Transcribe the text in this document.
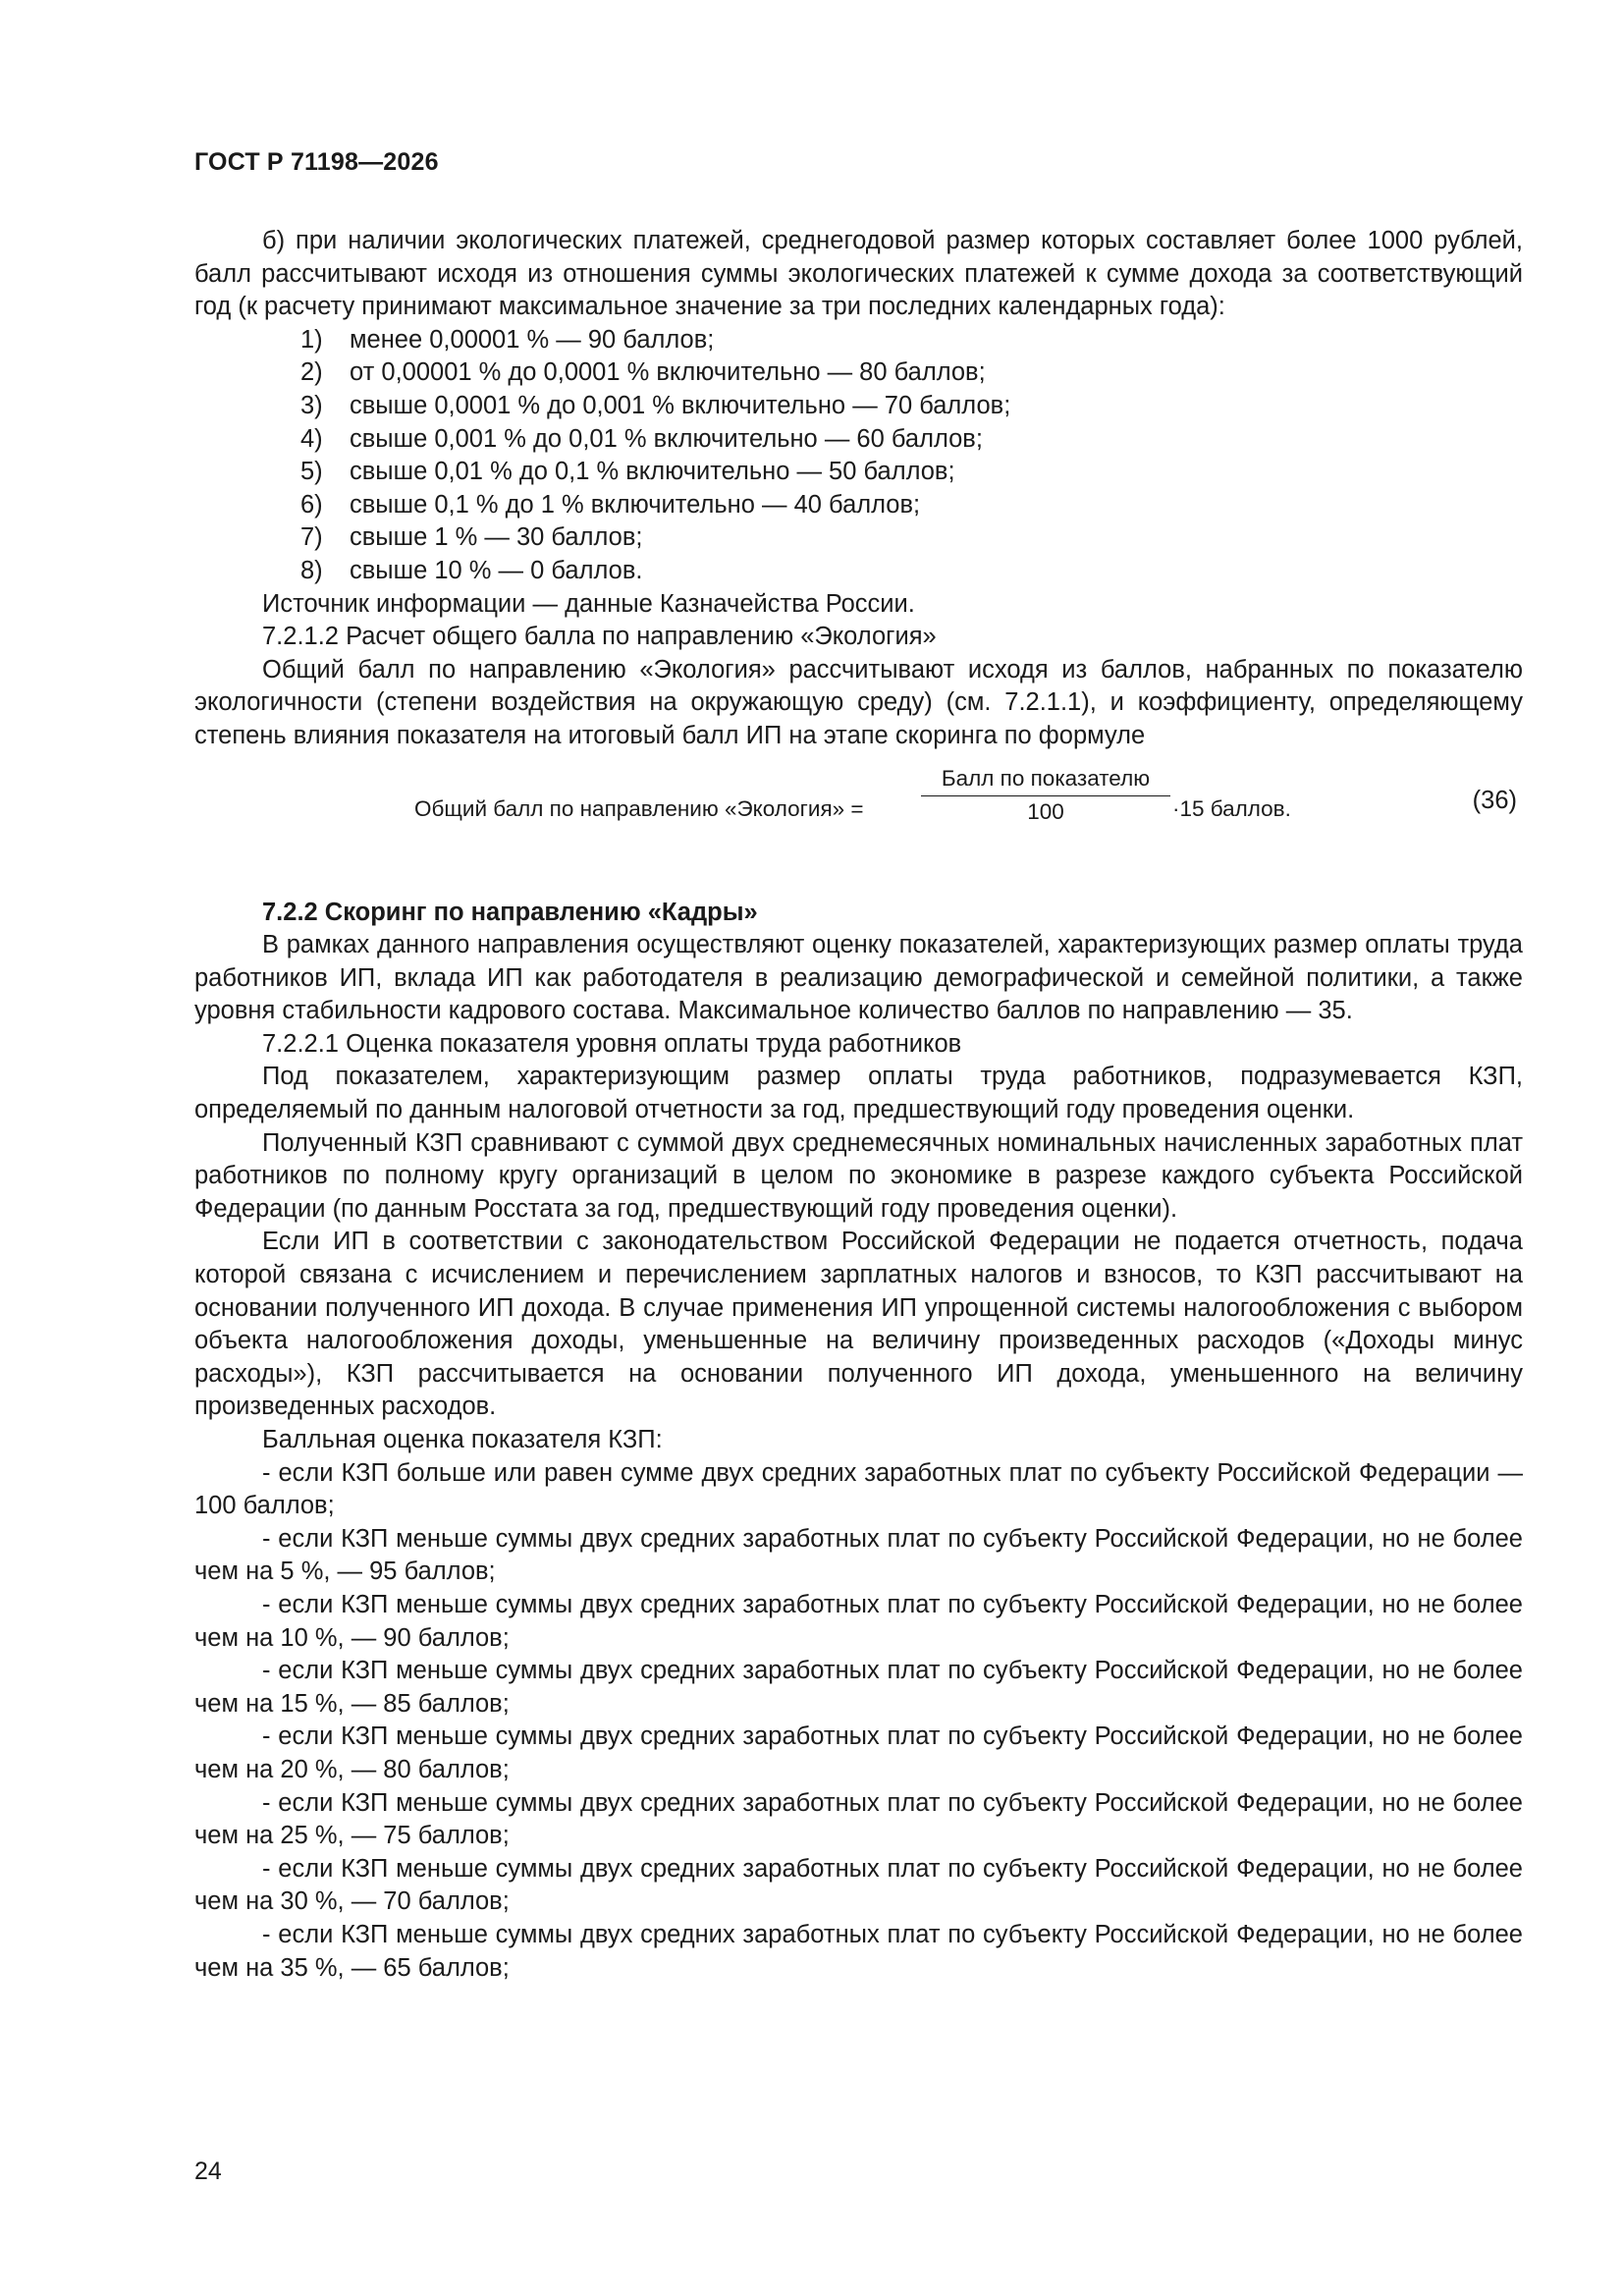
ГОСТ Р 71198—2026

б) при наличии экологических платежей, среднегодовой размер которых составляет более 1000 рублей, балл рассчитывают исходя из отношения суммы экологических платежей к сумме дохода за соответствующий год (к расчету принимают максимальное значение за три последних календарных года):

1) менее 0,00001 % — 90 баллов;

2) от 0,00001 % до 0,0001 % включительно — 80 баллов;

3) свыше 0,0001 % до 0,001 % включительно — 70 баллов;

4) свыше 0,001 % до 0,01 % включительно — 60 баллов;

5) свыше 0,01 % до 0,1 % включительно — 50 баллов;

6) свыше 0,1 % до 1 % включительно — 40 баллов;

7) свыше 1 % — 30 баллов;

8) свыше 10 % — 0 баллов.

Источник информации — данные Казначейства России.

7.2.1.2 Расчет общего балла по направлению «Экология»

Общий балл по направлению «Экология» рассчитывают исходя из баллов, набранных по показателю экологичности (степени воздействия на окружающую среду) (см. 7.2.1.1), и коэффициенту, определяющему степень влияния показателя на итоговый балл ИП на этапе скоринга по формуле

Общий балл по направлению «Экология» =
Балл по показателю
100	·15 баллов.	(36)

7.2.2 Скоринг по направлению «Кадры»

В рамках данного направления осуществляют оценку показателей, характеризующих размер оплаты труда работников ИП, вклада ИП как работодателя в реализацию демографической и семейной политики, а также уровня стабильности кадрового состава. Максимальное количество баллов по направлению — 35.

7.2.2.1 Оценка показателя уровня оплаты труда работников

Под показателем, характеризующим размер оплаты труда работников, подразумевается КЗП, определяемый по данным налоговой отчетности за год, предшествующий году проведения оценки.

Полученный КЗП сравнивают с суммой двух среднемесячных номинальных начисленных заработных плат работников по полному кругу организаций в целом по экономике в разрезе каждого субъекта Российской Федерации (по данным Росстата за год, предшествующий году проведения оценки).

Если ИП в соответствии с законодательством Российской Федерации не подается отчетность, подача которой связана с исчислением и перечислением зарплатных налогов и взносов, то КЗП рассчитывают на основании полученного ИП дохода. В случае применения ИП упрощенной системы налогообложения с выбором объекта налогообложения доходы, уменьшенные на величину произведенных расходов («Доходы минус расходы»), КЗП рассчитывается на основании полученного ИП дохода, уменьшенного на величину произведенных расходов.

Балльная оценка показателя КЗП:

- если КЗП больше или равен сумме двух средних заработных плат по субъекту Российской Федерации — 100 баллов;

- если КЗП меньше суммы двух средних заработных плат по субъекту Российской Федерации, но не более чем на 5 %, — 95 баллов;

- если КЗП меньше суммы двух средних заработных плат по субъекту Российской Федерации, но не более чем на 10 %, — 90 баллов;

- если КЗП меньше суммы двух средних заработных плат по субъекту Российской Федерации, но не более чем на 15 %, — 85 баллов;

- если КЗП меньше суммы двух средних заработных плат по субъекту Российской Федерации, но не более чем на 20 %, — 80 баллов;

- если КЗП меньше суммы двух средних заработных плат по субъекту Российской Федерации, но не более чем на 25 %, — 75 баллов;

- если КЗП меньше суммы двух средних заработных плат по субъекту Российской Федерации, но не более чем на 30 %, — 70 баллов;

- если КЗП меньше суммы двух средних заработных плат по субъекту Российской Федерации, но не более чем на 35 %, — 65 баллов;

24
